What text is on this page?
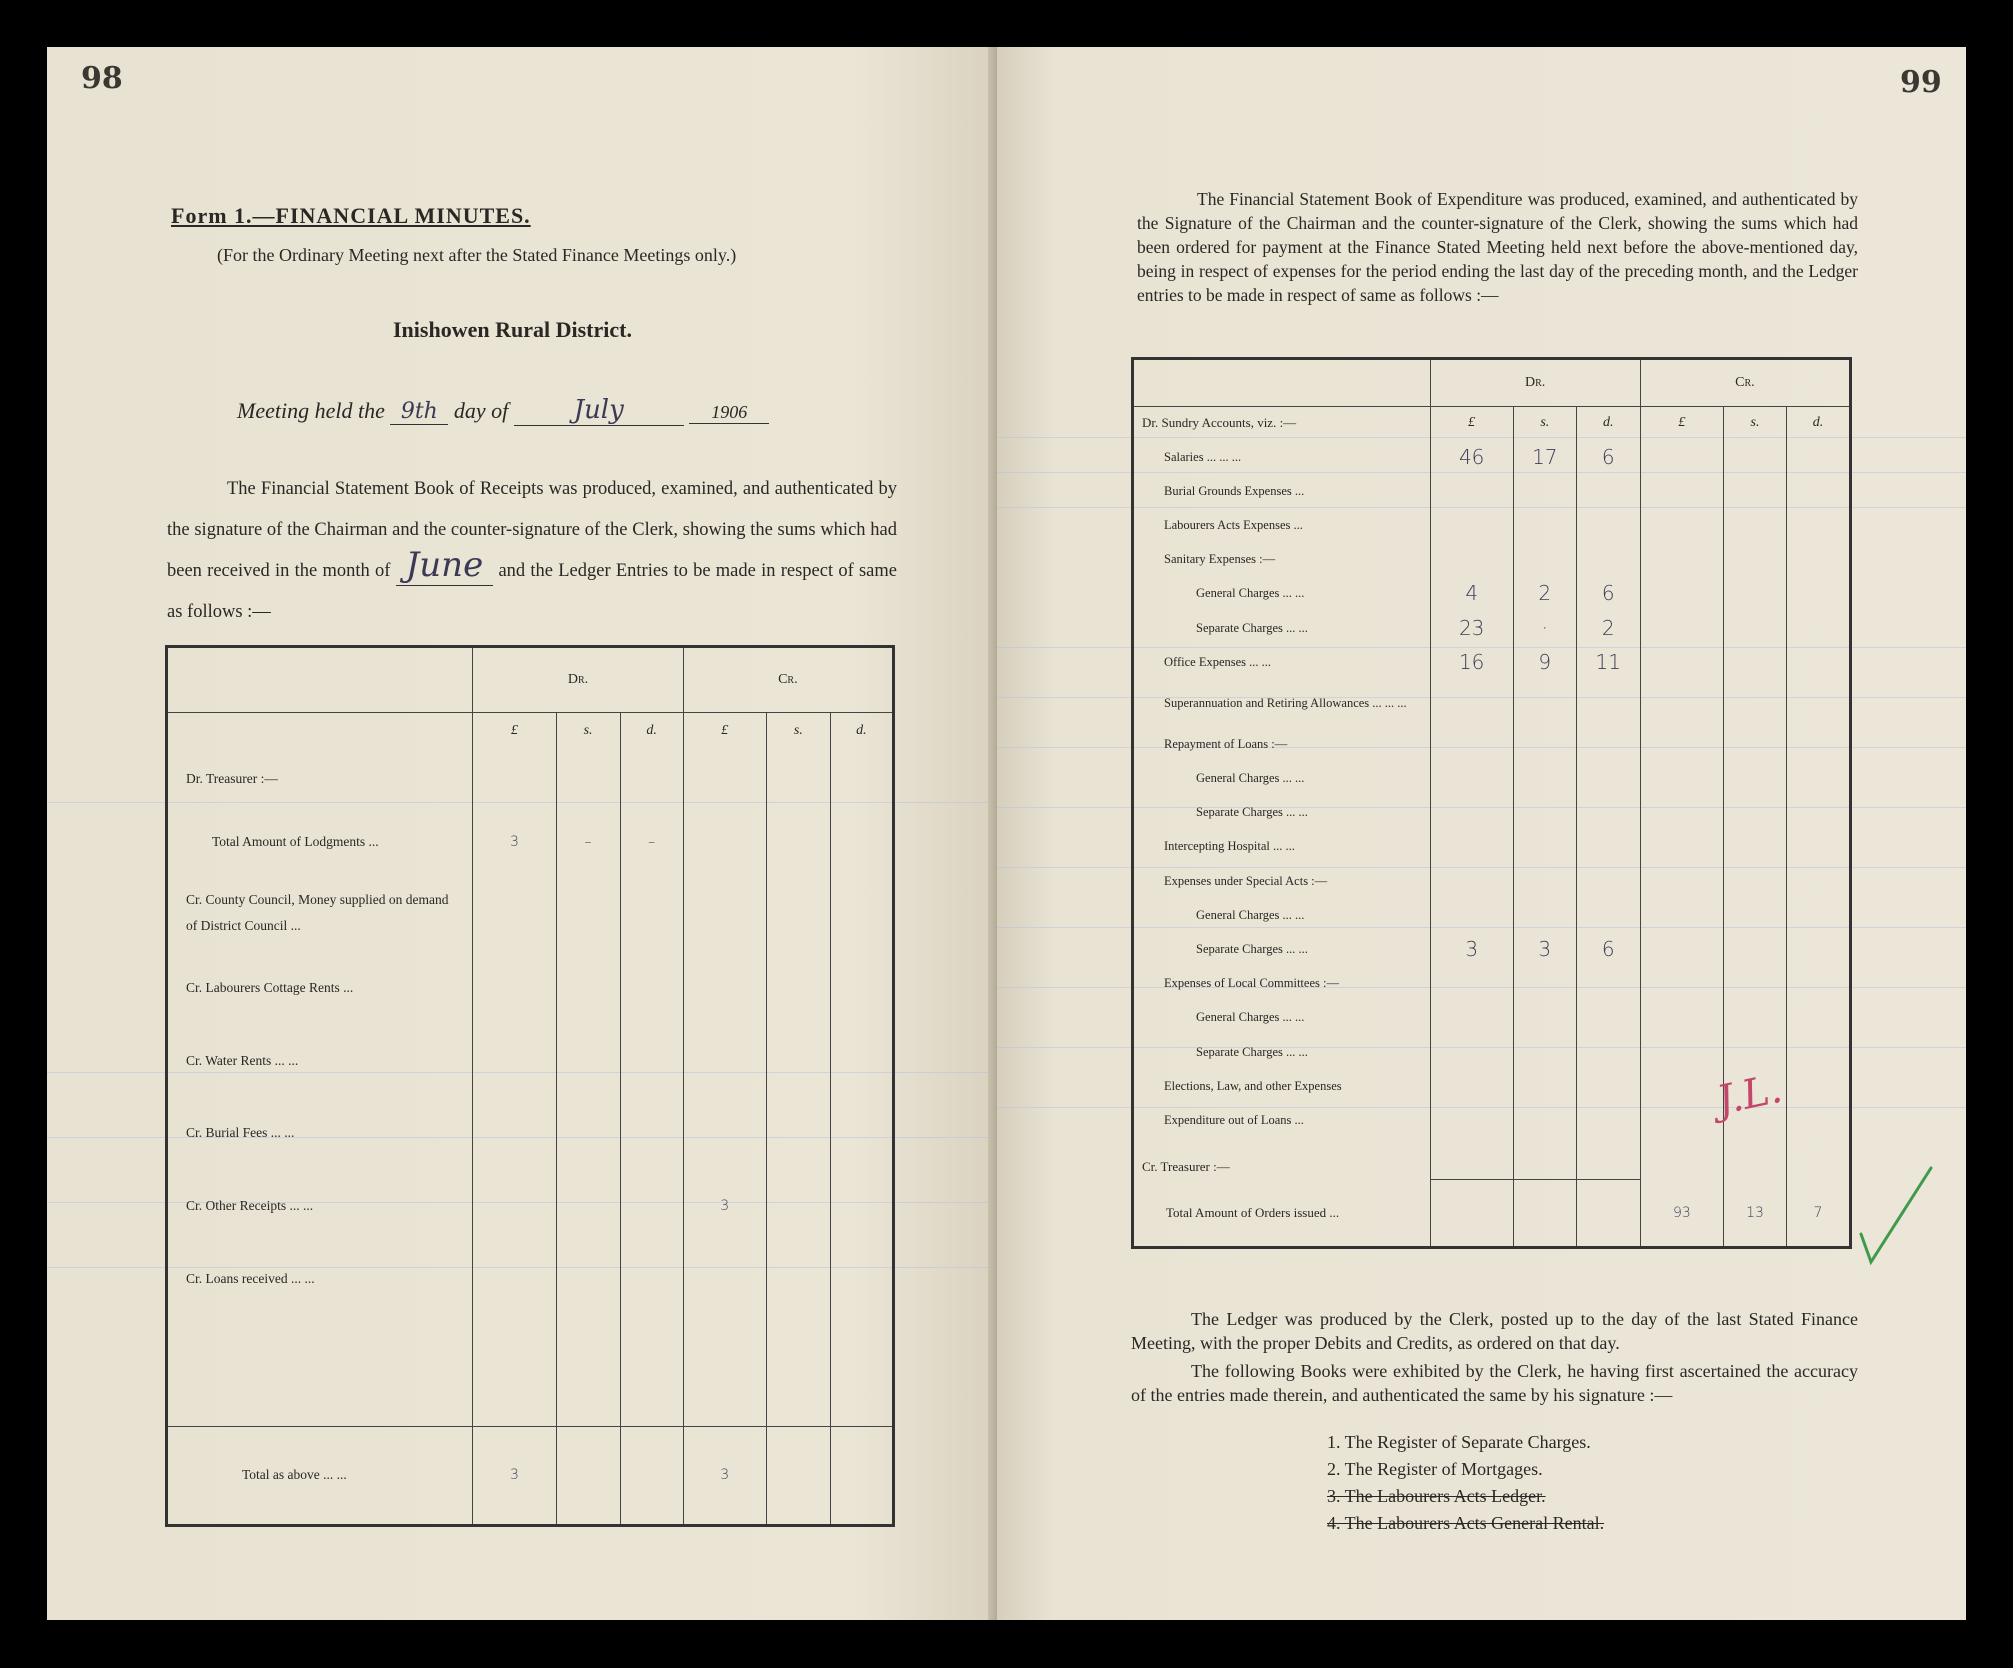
98
Form 1.—FINANCIAL MINUTES.
(For the Ordinary Meeting next after the Stated Finance Meetings only.)
Inishowen Rural District.
Meeting held the 9th day of	July	1906
The Financial Statement Book of Receipts was produced, examined, and authenticated by the signature of the Chairman and the counter-signature of the Clerk, showing the sums which had been received in the month of June and the Ledger Entries to be made in respect of same as follows :—
	Dr.			Cr.		
	£	s.	d.	£	s.	d.
Dr. Treasurer :—						
Total Amount of Lodgments ...	3	–	–			
Cr. County Council, Money supplied on demand of District Council ...						
Cr. Labourers Cottage Rents ...						
Cr. Water Rents ... ...						
Cr. Burial Fees ... ...						
Cr. Other Receipts ... ...				3		
Cr. Loans received ... ...						

Total as above ... ...	3			3		
99
The Financial Statement Book of Expenditure was produced, examined, and authenticated by the Signature of the Chairman and the counter-signature of the Clerk, showing the sums which had been ordered for payment at the Finance Stated Meeting held next before the above-mentioned day, being in respect of expenses for the period ending the last day of the preceding month, and the Ledger entries to be made in respect of same as follows :—
	Dr.			Cr.		
Dr. Sundry Accounts, viz. :—	£	s.	d.	£	s.	d.
Salaries ... ... ...	46	17	6			
Burial Grounds Expenses ...						
Labourers Acts Expenses ...						
Sanitary Expenses :—						
General Charges ... ...	4	2	6			
Separate Charges ... ...	23	·	2			
Office Expenses ... ...	16	9	11			
Superannuation and Retiring Allowances ... ... ...						
Repayment of Loans :—						
General Charges ... ...						
Separate Charges ... ...						
Intercepting Hospital ... ...						
Expenses under Special Acts :—						
General Charges ... ...						
Separate Charges ... ...	3	3	6			
Expenses of Local Committees :—						
General Charges ... ...						
Separate Charges ... ...						
Elections, Law, and other Expenses						
Expenditure out of Loans ...						
Cr. Treasurer :—						
Total Amount of Orders issued ...				93	13	7
J.L.
The Ledger was produced by the Clerk, posted up to the day of the last Stated Finance Meeting, with the proper Debits and Credits, as ordered on that day.
The following Books were exhibited by the Clerk, he having first ascertained the accuracy of the entries made therein, and authenticated the same by his signature :—
1. The Register of Separate Charges.
2. The Register of Mortgages.
3. The Labourers Acts Ledger.
4. The Labourers Acts General Rental.
